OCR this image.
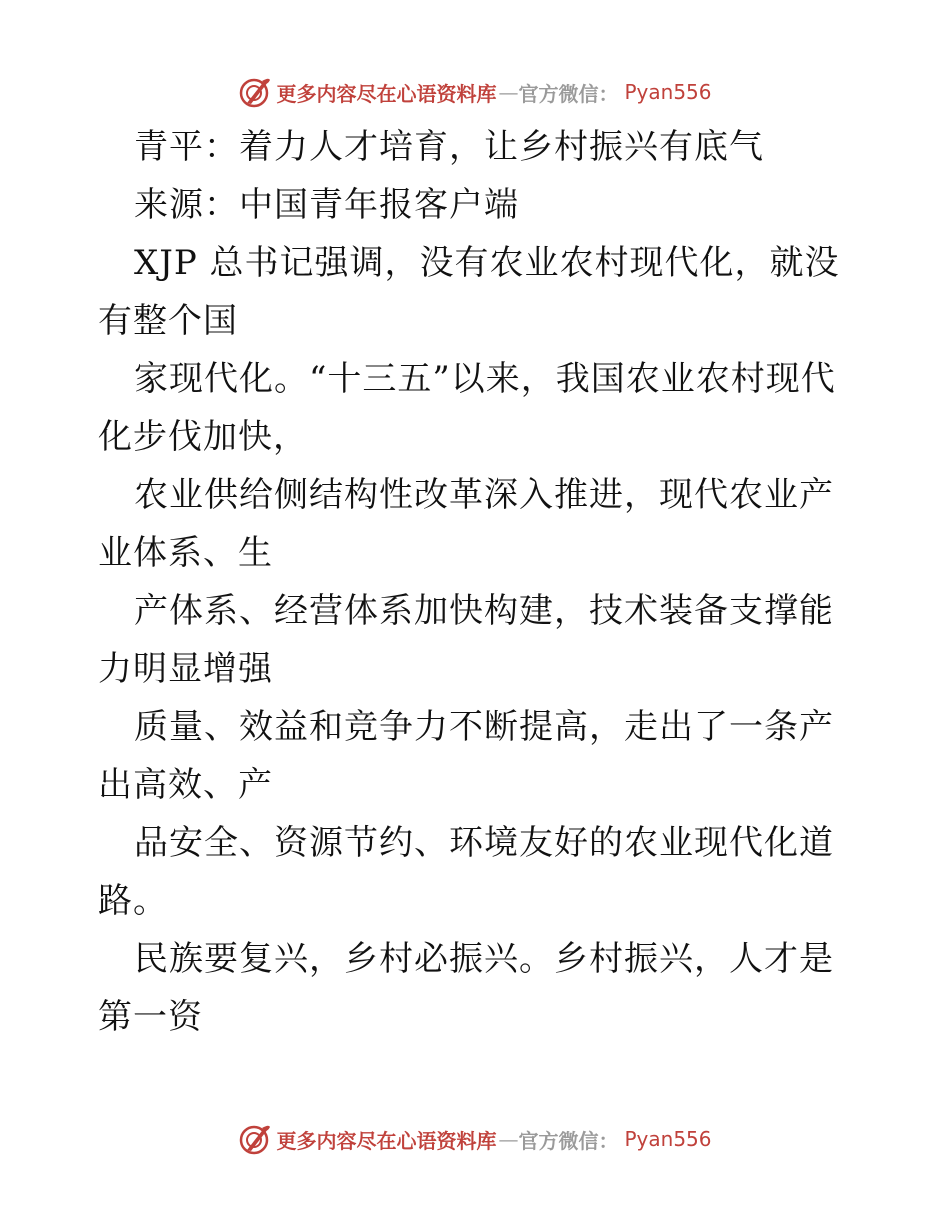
更多内容尽在心语资料库 — 官方微信： Pyan556

青平：着力人才培育，让乡村振兴有底气

来源：中国青年报客户端

XJP 总书记强调，没有农业农村现代化，就没有整个国

家现代化。“十三五”以来，我国农业农村现代化步伐加快，

农业供给侧结构性改革深入推进，现代农业产业体系、生

产体系、经营体系加快构建，技术装备支撑能力明显增强

质量、效益和竞争力不断提高，走出了一条产出高效、产

品安全、资源节约、环境友好的农业现代化道路。

民族要复兴，乡村必振兴。乡村振兴，人才是第一资

更多内容尽在心语资料库 — 官方微信： Pyan556
